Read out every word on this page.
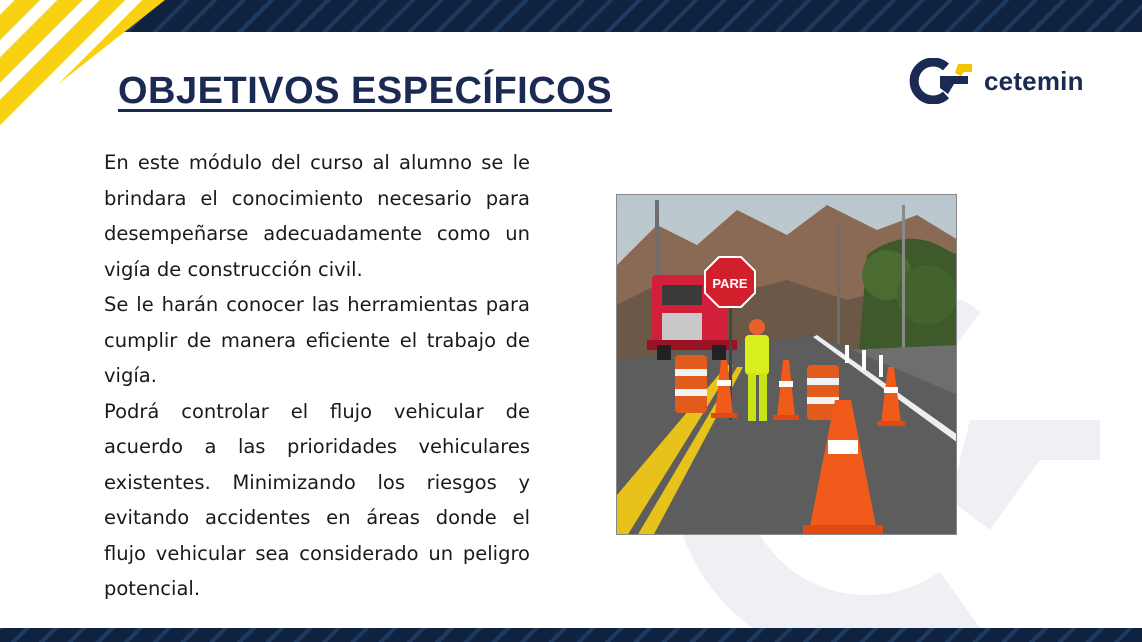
OBJETIVOS ESPECÍFICOS	cetemin

En este módulo del curso al alumno se le brindara el conocimiento necesario para desempeñarse adecuadamente como un vigía de construcción civil.

Se le harán conocer las herramientas para cumplir de manera eficiente el trabajo de vigía.

Podrá controlar el flujo vehicular de acuerdo a las prioridades vehiculares existentes. Minimizando los riesgos y evitando accidentes en áreas donde el flujo vehicular sea considerado un peligro potencial.

PARE
